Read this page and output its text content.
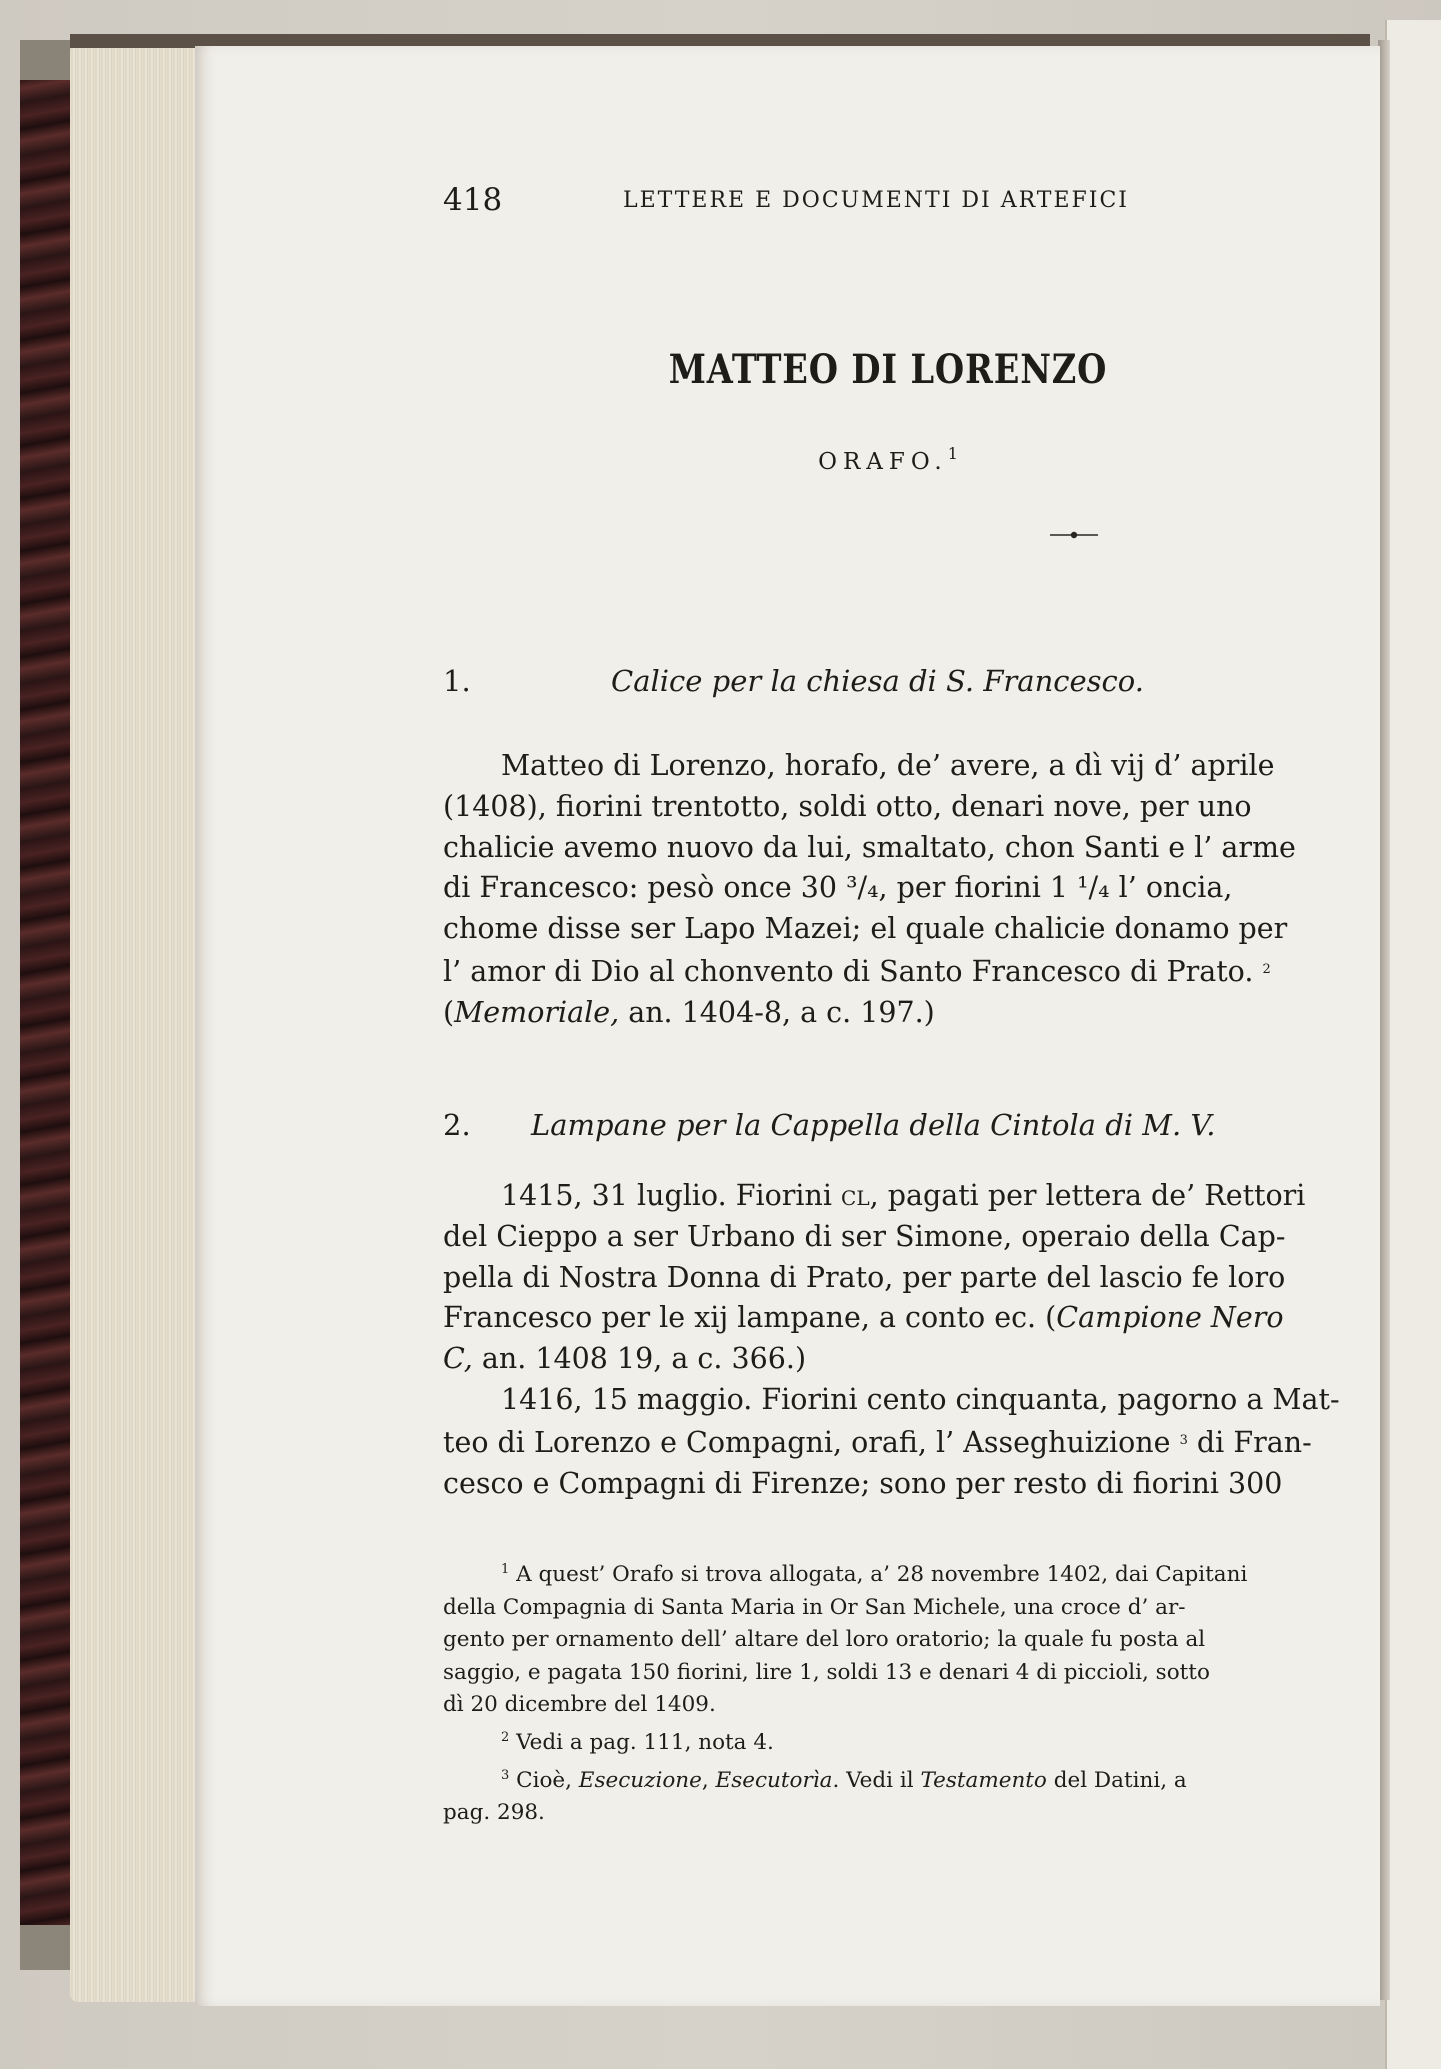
418	LETTERE E DOCUMENTI DI ARTEFICI
MATTEO DI LORENZO
ORAFO.1
1.	Calice per la chiesa di S. Francesco.
Matteo di Lorenzo, horafo, de’ avere, a dì vij d’ aprile
(1408), fiorini trentotto, soldi otto, denari nove, per uno
chalicie avemo nuovo da lui, smaltato, chon Santi e l’ arme
di Francesco: pesò once 30 ³/₄, per fiorini 1 ¹/₄ l’ oncia,
chome disse ser Lapo Mazei; el quale chalicie donamo per
l’ amor di Dio al chonvento di Santo Francesco di Prato. $^2$
(Memoriale, an. 1404-8, a c. 197.)
2. Lampane per la Cappella della Cintola di M. V.
1415, 31 luglio. Fiorini cl, pagati per lettera de’ Rettori
del Cieppo a ser Urbano di ser Simone, operaio della Cap-
pella di Nostra Donna di Prato, per parte del lascio fe loro
Francesco per le xij lampane, a conto ec. (Campione Nero
C, an. 1408 19, a c. 366.)
1416, 15 maggio. Fiorini cento cinquanta, pagorno a Mat-
teo di Lorenzo e Compagni, orafi, l’ Asseghuizione $^3$ di Fran-
cesco e Compagni di Firenze; sono per resto di fiorini 300
$^1$ A quest’ Orafo si trova allogata, a’ 28 novembre 1402, dai Capitani
della Compagnia di Santa Maria in Or San Michele, una croce d’ ar-
gento per ornamento dell’ altare del loro oratorio; la quale fu posta al
saggio, e pagata 150 fiorini, lire 1, soldi 13 e denari 4 di piccioli, sotto
dì 20 dicembre del 1409.
$^2$ Vedi a pag. 111, nota 4.
$^3$ Cioè, Esecuzione, Esecutorìa. Vedi il Testamento del Datini, a
pag. 298.
